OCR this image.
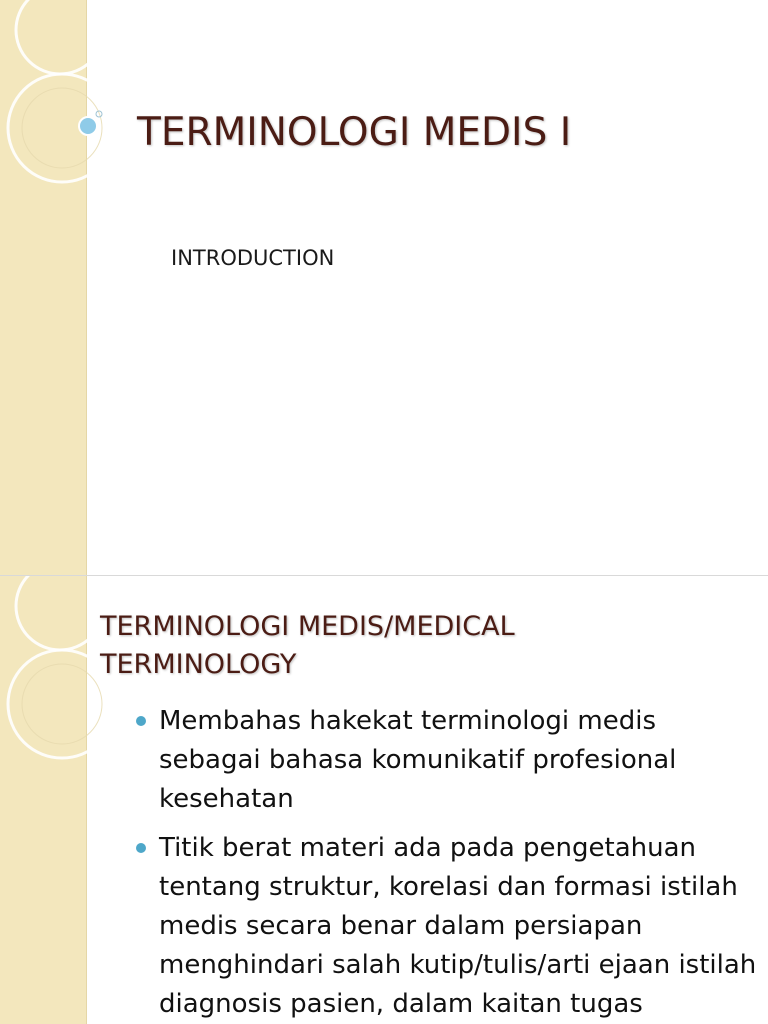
TERMINOLOGI MEDIS I
INTRODUCTION
TERMINOLOGI MEDIS/MEDICAL
TERMINOLOGY
Membahas hakekat terminologi medis sebagai bahasa komunikatif profesional kesehatan
Titik berat materi ada pada pengetahuan tentang struktur, korelasi dan formasi istilah medis secara benar dalam persiapan menghindari salah kutip/tulis/arti ejaan istilah diagnosis pasien, dalam kaitan tugas
